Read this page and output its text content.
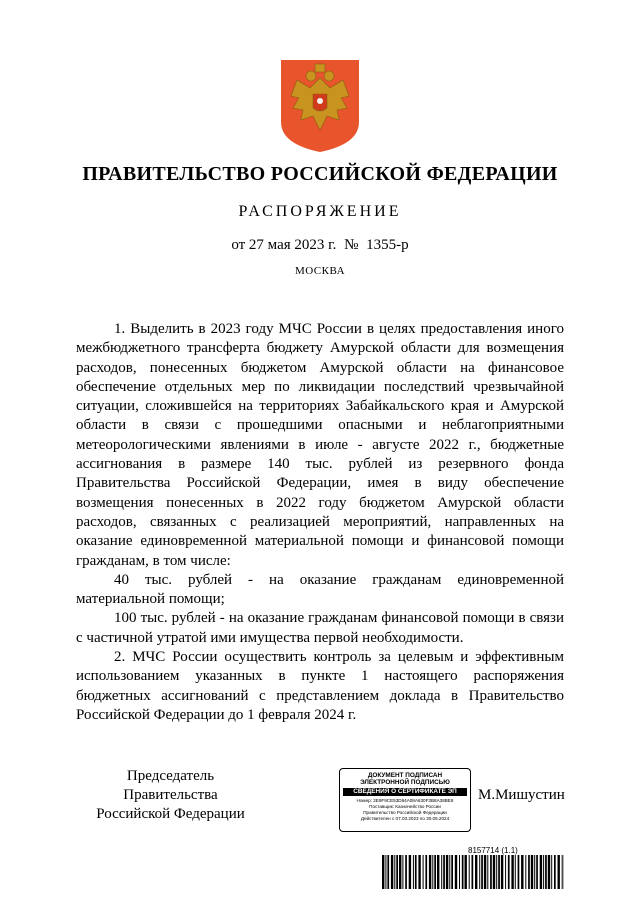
ПРАВИТЕЛЬСТВО РОССИЙСКОЙ ФЕДЕРАЦИИ
РАСПОРЯЖЕНИЕ
от 27 мая 2023 г. № 1355-р
МОСКВА

1. Выделить в 2023 году МЧС России в целях предоставления иного межбюджетного трансферта бюджету Амурской области для возмещения расходов, понесенных бюджетом Амурской области на финансовое обеспечение отдельных мер по ликвидации последствий чрезвычайной ситуации, сложившейся на территориях Забайкальского края и Амурской области в связи с прошедшими опасными и неблагоприятными метеорологическими явлениями в июле - августе 2022 г., бюджетные ассигнования в размере 140 тыс. рублей из резервного фонда Правительства Российской Федерации, имея в виду обеспечение возмещения понесенных в 2022 году бюджетом Амурской области расходов, связанных с реализацией мероприятий, направленных на оказание единовременной материальной помощи и финансовой помощи гражданам, в том числе:

40 тыс. рублей - на оказание гражданам единовременной материальной помощи;

100 тыс. рублей - на оказание гражданам финансовой помощи в связи с частичной утратой ими имущества первой необходимости.

2. МЧС России осуществить контроль за целевым и эффективным использованием указанных в пункте 1 настоящего распоряжения бюджетных ассигнований с представлением доклада в Правительство Российской Федерации до 1 февраля 2024 г.

Председатель Правительства
Российской Федерации
ДОКУМЕНТ ПОДПИСАН
ЭЛЕКТРОННОЙ ПОДПИСЬЮ
СВЕДЕНИЯ О СЕРТИФИКАТЕ ЭП
Номер: 2E9F9CE53D84A08A630F3B8A38BE8
Поставщик: Казначейство России
Правительство Российской Федерации
Действителен с 07.03.2023 по 30.05.2024
М.Мишустин
8157714 (1.1)
